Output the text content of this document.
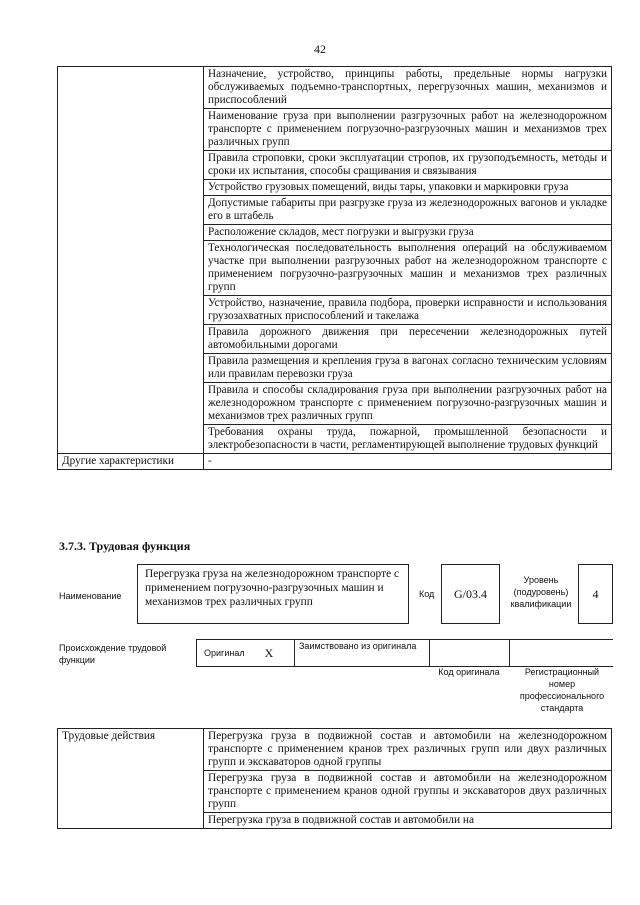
42
	Назначение, устройство, принципы работы, предельные нормы нагрузки обслуживаемых подъемно-транспортных, перегрузочных машин, механизмов и приспособлений
	Наименование груза при выполнении разгрузочных работ на железнодорожном транспорте с применением погрузочно-разгрузочных машин и механизмов трех различных групп
	Правила строповки, сроки эксплуатации стропов, их грузоподъемность, методы и сроки их испытания, способы сращивания и связывания
	Устройство грузовых помещений, виды тары, упаковки и маркировки груза
	Допустимые габариты при разгрузке груза из железнодорожных вагонов и укладке его в штабель
	Расположение складов, мест погрузки и выгрузки груза
	Технологическая последовательность выполнения операций на обслуживаемом участке при выполнении разгрузочных работ на железнодорожном транспорте с применением погрузочно-разгрузочных машин и механизмов трех различных групп
	Устройство, назначение, правила подбора, проверки исправности и использования грузозахватных приспособлений и такелажа
	Правила дорожного движения при пересечении железнодорожных путей автомобильными дорогами
	Правила размещения и крепления груза в вагонах согласно техническим условиям или правилам перевозки груза
	Правила и способы складирования груза при выполнении разгрузочных работ на железнодорожном транспорте с применением погрузочно-разгрузочных машин и механизмов трех различных групп
	Требования охраны труда, пожарной, промышленной безопасности и электробезопасности в части, регламентирующей выполнение трудовых функций
Другие характеристики	-
3.7.3. Трудовая функция
Наименование
Перегрузка груза на железнодорожном транспорте с применением погрузочно-разгрузочных машин и механизмов трех различных групп
Код	G/03.4
Уровень (подуровень) квалификации
4
Происхождение трудовой функции
Оригинал X	Заимствовано из оригинала
Код оригинала	Регистрационный номер профессионального стандарта
Трудовые действия	Перегрузка груза в подвижной состав и автомобили на железнодорожном транспорте с применением кранов трех различных групп или двух различных групп и экскаваторов одной группы
Перегрузка груза в подвижной состав и автомобили на железнодорожном транспорте с применением кранов одной группы и экскаваторов двух различных групп
Перегрузка груза в подвижной состав и автомобили на
